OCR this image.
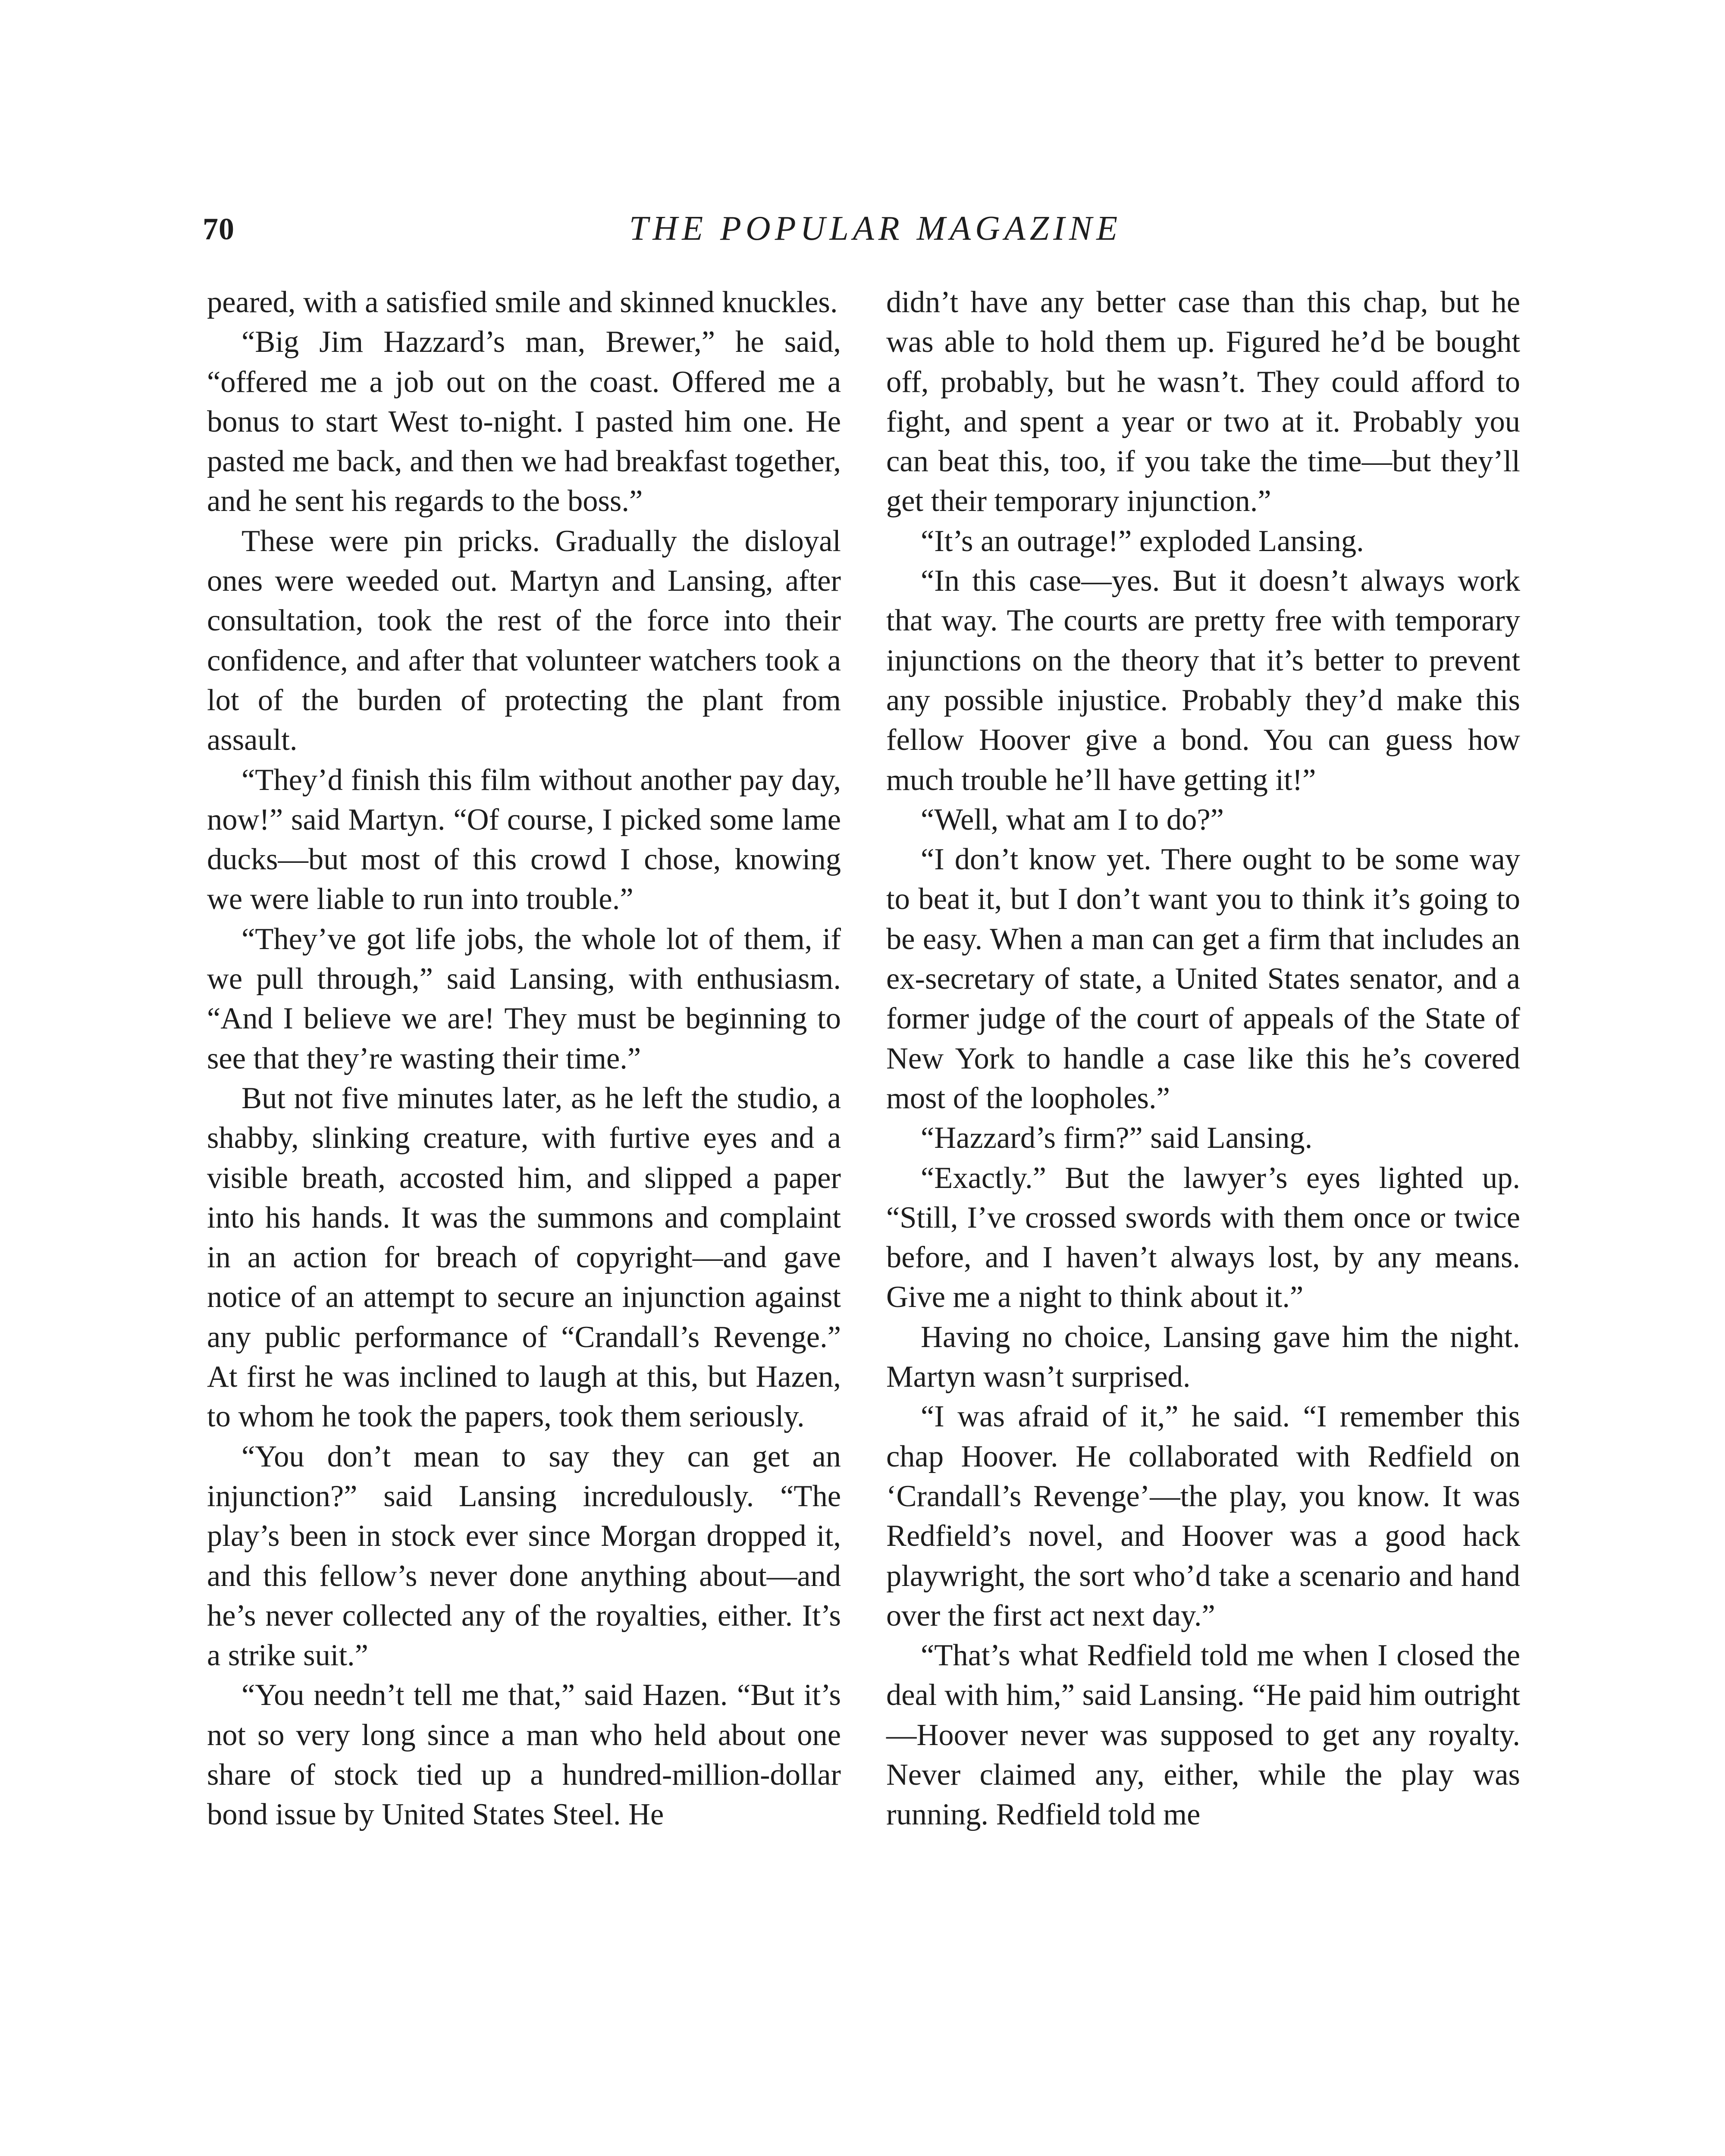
70	THE POPULAR MAGAZINE

peared, with a satisfied smile and skinned knuckles.

“Big Jim Hazzard’s man, Brewer,” he said, “offered me a job out on the coast. Offered me a bonus to start West to-night. I pasted him one. He pasted me back, and then we had breakfast together, and he sent his regards to the boss.”

These were pin pricks. Gradually the disloyal ones were weeded out. Martyn and Lansing, after consultation, took the rest of the force into their confidence, and after that volunteer watchers took a lot of the burden of protecting the plant from assault.

“They’d finish this film without another pay day, now!” said Martyn. “Of course, I picked some lame ducks—but most of this crowd I chose, knowing we were liable to run into trouble.”

“They’ve got life jobs, the whole lot of them, if we pull through,” said Lansing, with enthusiasm. “And I believe we are! They must be beginning to see that they’re wasting their time.”

But not five minutes later, as he left the studio, a shabby, slinking creature, with furtive eyes and a visible breath, accosted him, and slipped a paper into his hands. It was the summons and complaint in an action for breach of copyright—and gave notice of an attempt to secure an injunction against any public performance of “Crandall’s Revenge.” At first he was inclined to laugh at this, but Hazen, to whom he took the papers, took them seriously.

“You don’t mean to say they can get an injunction?” said Lansing incredulously. “The play’s been in stock ever since Morgan dropped it, and this fellow’s never done anything about—and he’s never collected any of the royalties, either. It’s a strike suit.”

“You needn’t tell me that,” said Hazen. “But it’s not so very long since a man who held about one share of stock tied up a hundred-million-dollar bond issue by United States Steel. He

didn’t have any better case than this chap, but he was able to hold them up. Figured he’d be bought off, probably, but he wasn’t. They could afford to fight, and spent a year or two at it. Probably you can beat this, too, if you take the time—but they’ll get their temporary injunction.”

“It’s an outrage!” exploded Lansing.

“In this case—yes. But it doesn’t always work that way. The courts are pretty free with temporary injunctions on the theory that it’s better to prevent any possible injustice. Probably they’d make this fellow Hoover give a bond. You can guess how much trouble he’ll have getting it!”

“Well, what am I to do?”

“I don’t know yet. There ought to be some way to beat it, but I don’t want you to think it’s going to be easy. When a man can get a firm that includes an ex-secretary of state, a United States senator, and a former judge of the court of appeals of the State of New York to handle a case like this he’s covered most of the loopholes.”

“Hazzard’s firm?” said Lansing.

“Exactly.” But the lawyer’s eyes lighted up. “Still, I’ve crossed swords with them once or twice before, and I haven’t always lost, by any means. Give me a night to think about it.”

Having no choice, Lansing gave him the night. Martyn wasn’t surprised.

“I was afraid of it,” he said. “I remember this chap Hoover. He collaborated with Redfield on ‘Crandall’s Revenge’—the play, you know. It was Redfield’s novel, and Hoover was a good hack playwright, the sort who’d take a scenario and hand over the first act next day.”

“That’s what Redfield told me when I closed the deal with him,” said Lansing. “He paid him outright—Hoover never was supposed to get any royalty. Never claimed any, either, while the play was running. Redfield told me
